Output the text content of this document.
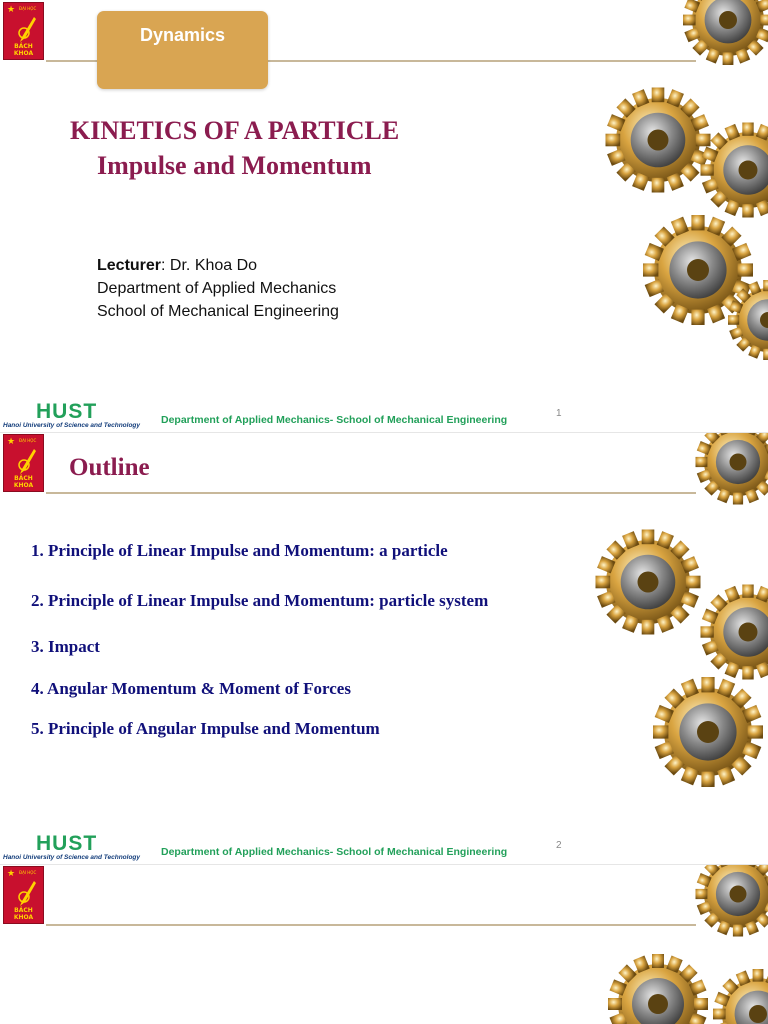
★ ĐẠI HỌC
BÁCH KHOA
Dynamics
KINETICS OF A PARTICLE
Impulse and Momentum
Lecturer: Dr. Khoa Do
Department of Applied Mechanics
School of Mechanical Engineering
HUST
Hanoi University of Science and Technology Department of Applied Mechanics- School of Mechanical Engineering
1
★ ĐẠI HỌC
BÁCH KHOA
Outline
1. Principle of Linear Impulse and Momentum: a particle
2. Principle of Linear Impulse and Momentum: particle system
3. Impact
4. Angular Momentum & Moment of Forces
5. Principle of Angular Impulse and Momentum
HUST
Hanoi University of Science and Technology Department of Applied Mechanics- School of Mechanical Engineering
2
★ ĐẠI HỌC
BÁCH KHOA
